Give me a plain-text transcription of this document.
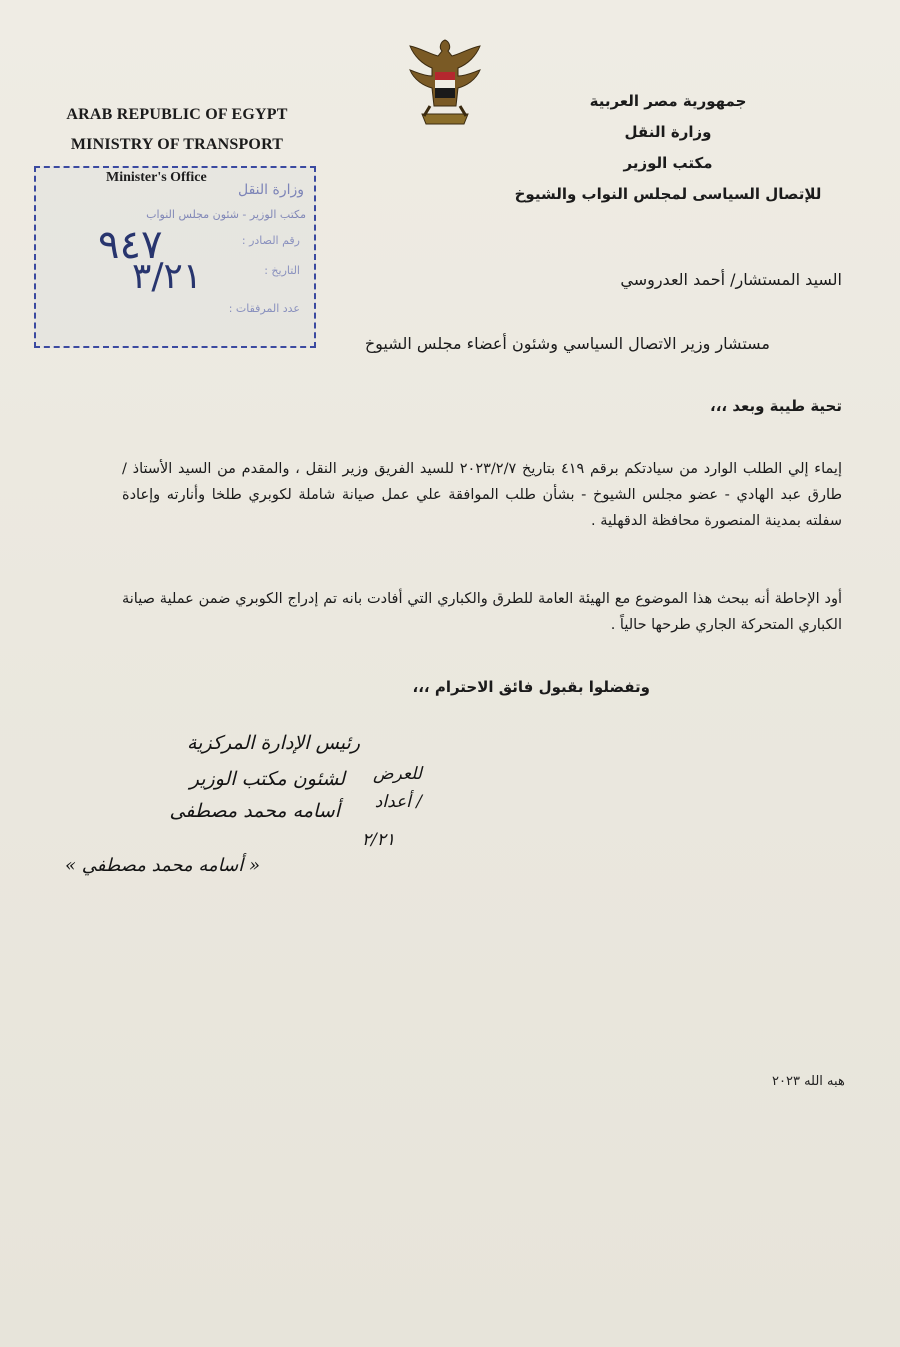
ARAB REPUBLIC OF EGYPT
MINISTRY OF TRANSPORT
جمهورية مصر العربية
وزارة النقل
مكتب الوزير
للإتصال السياسى لمجلس النواب والشيوخ
Minister's Office
وزارة النقل
مكتب الوزير - شئون مجلس النواب
رقم الصادر :
التاريخ :
عدد المرفقات :
٩٤٧
٣/٢١	السيد المستشار/ أحمد العدروسي
مستشار وزير الاتصال السياسي وشئون أعضاء مجلس الشيوخ
تحية طيبة وبعد ،،،
إيماء إلي الطلب الوارد من سيادتكم برقم ٤١٩ بتاريخ ٢٠٢٣/٢/٧ للسيد الفريق وزير النقل ، والمقدم من السيد الأستاذ / طارق عبد الهادي - عضو مجلس الشيوخ - بشأن طلب الموافقة علي عمل صيانة شاملة لكوبري طلخا وأنارته وإعادة سفلته بمدينة المنصورة محافظة الدقهلية .
أود الإحاطة أنه ببحث هذا الموضوع مع الهيئة العامة للطرق والكباري التي أفادت بانه تم إدراج الكوبري ضمن عملية صيانة الكباري المتحركة الجاري طرحها حالياً .
وتفضلوا بقبول فائق الاحترام ،،،
رئيس الإدارة المركزية
لشئون مكتب الوزير	للعرض / أعداد
أسامه محمد مصطفى
٢/٢١
« أسامه محمد مصطفي »
هبه الله ٢٠٢٣
